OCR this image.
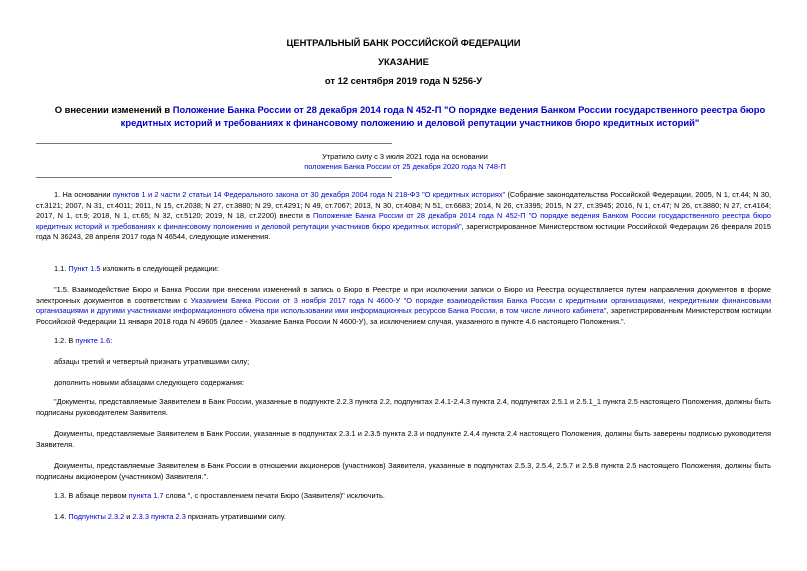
ЦЕНТРАЛЬНЫЙ БАНК РОССИЙСКОЙ ФЕДЕРАЦИИ
УКАЗАНИЕ
от 12 сентября 2019 года N 5256-У
О внесении изменений в Положение Банка России от 28 декабря 2014 года N 452-П "О порядке ведения Банком России государственного реестра бюро кредитных историй и требованиях к финансовому положению и деловой репутации участников бюро кредитных историй"
Утратило силу с 3 июля 2021 года на основании
положения Банка России от 25 декабря 2020 года N 748-П
1. На основании пунктов 1 и 2 части 2 статьи 14 Федерального закона от 30 декабря 2004 года N 218-ФЗ "О кредитных историях" (Собрание законодательства Российской Федерации, 2005, N 1, ст.44; N 30, ст.3121; 2007, N 31, ст.4011; 2011, N 15, ст.2038; N 27, ст.3880; N 29, ст.4291; N 49, ст.7067; 2013, N 30, ст.4084; N 51, ст.6683; 2014, N 26, ст.3395; 2015, N 27, ст.3945; 2016, N 1, ст.47; N 26, ст.3880; N 27, ст.4164; 2017, N 1, ст.9; 2018, N 1, ст.65; N 32, ст.5120; 2019, N 18, ст.2200) внести в Положение Банка России от 28 декабря 2014 года N 452-П "О порядке ведения Банком России государственного реестра бюро кредитных историй и требованиях к финансовому положению и деловой репутации участников бюро кредитных историй", зарегистрированное Министерством юстиции Российской Федерации 26 февраля 2015 года N 36243, 28 апреля 2017 года N 46544, следующие изменения.
1.1. Пункт 1.5 изложить в следующей редакции:
"1.5. Взаимодействие Бюро и Банка России при внесении изменений в запись о Бюро в Реестре и при исключении записи о Бюро из Реестра осуществляется путем направления документов в форме электронных документов в соответствии с Указанием Банка России от 3 ноября 2017 года N 4600-У "О порядке взаимодействия Банка России с кредитными организациями, некредитными финансовыми организациями и другими участниками информационного обмена при использовании ими информационных ресурсов Банка России, в том числе личного кабинета", зарегистрированным Министерством юстиции Российской Федерации 11 января 2018 года N 49605 (далее - Указание Банка России N 4600-У), за исключением случая, указанного в пункте 4.6 настоящего Положения.".
1.2. В пункте 1.6:
абзацы третий и четвертый признать утратившими силу;
дополнить новыми абзацами следующего содержания:
"Документы, представляемые Заявителем в Банк России, указанные в подпункте 2.2.3 пункта 2.2, подпунктах 2.4.1-2.4.3 пункта 2.4, подпунктах 2.5.1 и 2.5.1_1 пункта 2.5 настоящего Положения, должны быть подписаны руководителем Заявителя.
Документы, представляемые Заявителем в Банк России, указанные в подпунктах 2.3.1 и 2.3.5 пункта 2.3 и подпункте 2.4.4 пункта 2.4 настоящего Положения, должны быть заверены подписью руководителя Заявителя.
Документы, представляемые Заявителем в Банк России в отношении акционеров (участников) Заявителя, указанные в подпунктах 2.5.3, 2.5.4, 2.5.7 и 2.5.8 пункта 2.5 настоящего Положения, должны быть подписаны акционером (участником) Заявителя.".
1.3. В абзаце первом пункта 1.7 слова ", с проставлением печати Бюро (Заявителя)" исключить.
1.4. Подпункты 2.3.2 и 2.3.3 пункта 2.3 признать утратившими силу.
